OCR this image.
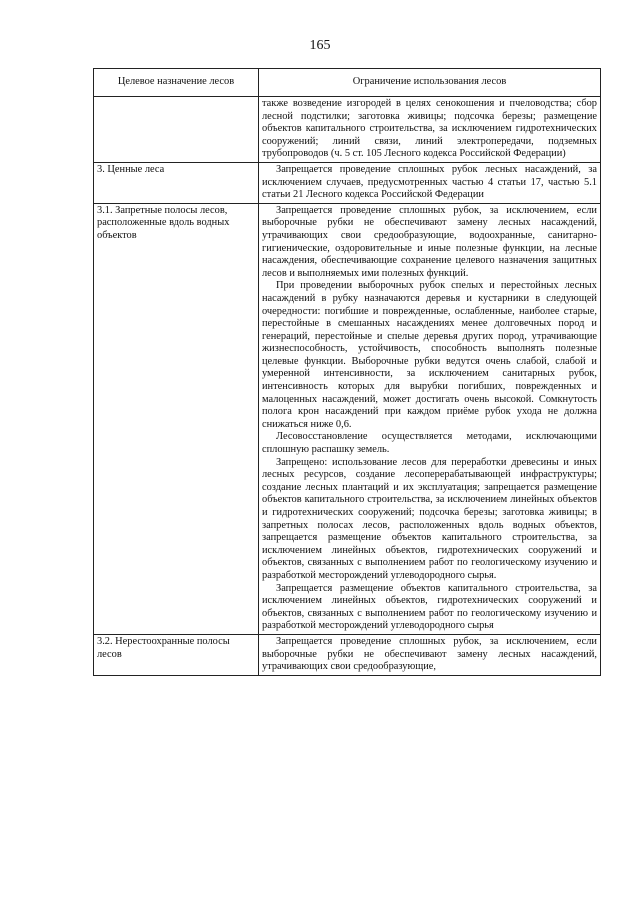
165
Целевое назначение лесов	Ограничение использования лесов

	также возведение изгородей в целях сенокошения и пчеловодства; сбор лесной подстилки; заготовка живицы; подсочка березы; размещение объектов капитального строительства, за исключением гидротехнических сооружений; линий связи, линий электропередачи, подземных трубопроводов (ч. 5 ст. 105 Лесного кодекса Российской Федерации)

3. Ценные леса	Запрещается проведение сплошных рубок лесных насаждений, за исключением случаев, предусмотренных частью 4 статьи 17, частью 5.1 статьи 21 Лесного кодекса Российской Федерации

3.1. Запретные полосы лесов, расположенные вдоль водных объектов	Запрещается проведение сплошных рубок, за исключением, если выборочные рубки не обеспечивают замену лесных насаждений, утрачивающих свои средообразующие, водоохранные, санитарно-гигиенические, оздоровительные и иные полезные функции, на лесные насаждения, обеспечивающие сохранение целевого назначения защитных лесов и выполняемых ими полезных функций.

При проведении выборочных рубок спелых и перестойных лесных насаждений в рубку назначаются деревья и кустарники в следующей очередности: погибшие и поврежденные, ослабленные, наиболее старые, перестойные в смешанных насаждениях менее долговечных пород и генераций, перестойные и спелые деревья других пород, утрачивающие жизнеспособность, устойчивость, способность выполнять полезные целевые функции. Выборочные рубки ведутся очень слабой, слабой и умеренной интенсивности, за исключением санитарных рубок, интенсивность которых для вырубки погибших, поврежденных и малоценных насаждений, может достигать очень высокой. Сомкнутость полога крон насаждений при каждом приёме рубок ухода не должна снижаться ниже 0,6.

Лесовосстановление осуществляется методами, исключающими сплошную распашку земель.

Запрещено: использование лесов для переработки древесины и иных лесных ресурсов, создание лесоперерабатывающей инфраструктуры; создание лесных плантаций и их эксплуатация; запрещается размещение объектов капитального строительства, за исключением линейных объектов и гидротехнических сооружений; подсочка березы; заготовка живицы; в запретных полосах лесов, расположенных вдоль водных объектов, запрещается размещение объектов капитального строительства, за исключением линейных объектов, гидротехнических сооружений и объектов, связанных с выполнением работ по геологическому изучению и разработкой месторождений углеводородного сырья.

Запрещается размещение объектов капитального строительства, за исключением линейных объектов, гидротехнических сооружений и объектов, связанных с выполнением работ по геологическому изучению и разработкой месторождений углеводородного сырья

3.2. Нерестоохранные полосы лесов	Запрещается проведение сплошных рубок, за исключением, если выборочные рубки не обеспечивают замену лесных насаждений, утрачивающих свои средообразующие,
